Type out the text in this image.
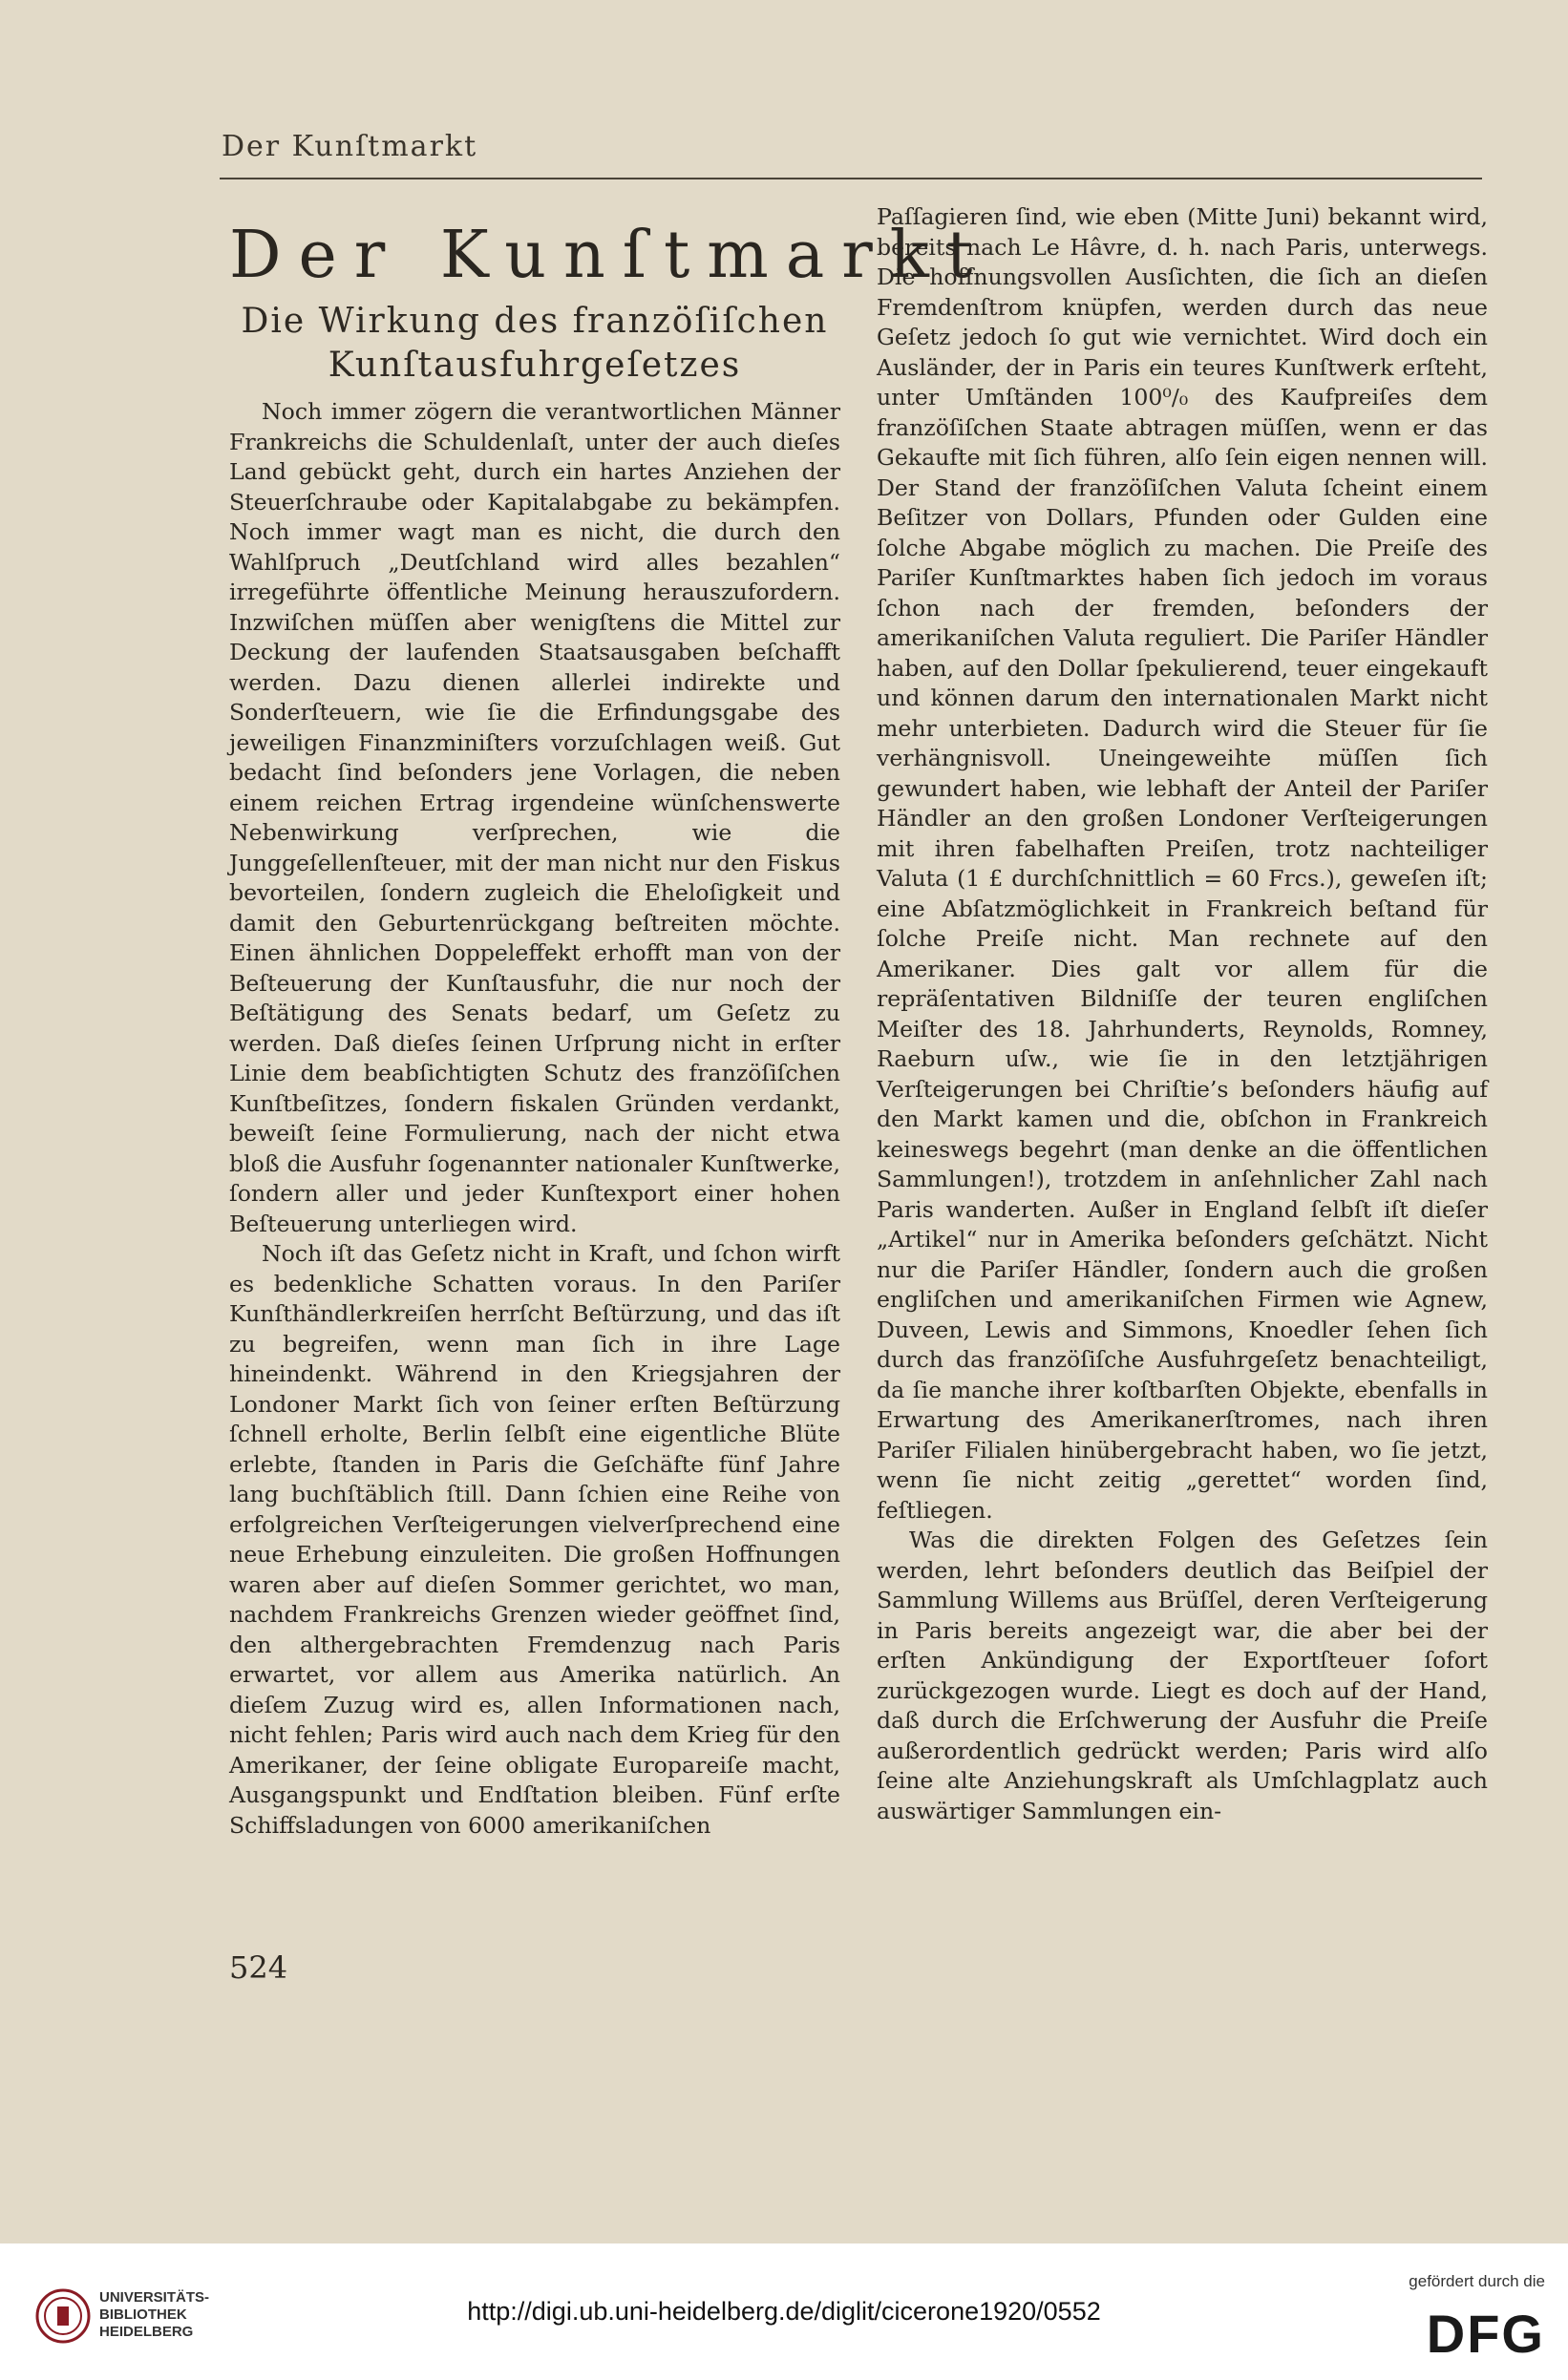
Der Kunſtmarkt
Der Kunſtmarkt
Die Wirkung des franzöſiſchen Kunſtausfuhrgeſetzes

Noch immer zögern die verantwortlichen Männer Frankreichs die Schuldenlaſt, unter der auch dieſes Land gebückt geht, durch ein hartes Anziehen der Steuerſchraube oder Kapitalabgabe zu bekämpfen. Noch immer wagt man es nicht, die durch den Wahlſpruch „Deutſchland wird alles bezahlen“ irregeführte öffentliche Meinung herauszufordern. Inzwiſchen müſſen aber wenigſtens die Mittel zur Deckung der laufenden Staatsausgaben beſchafft werden. Dazu dienen allerlei indirekte und Sonderſteuern, wie ſie die Erfindungsgabe des jeweiligen Finanzminiſters vorzuſchlagen weiß. Gut bedacht ſind beſonders jene Vorlagen, die neben einem reichen Ertrag irgendeine wünſchenswerte Nebenwirkung verſprechen, wie die Junggeſellenſteuer, mit der man nicht nur den Fiskus bevorteilen, ſondern zugleich die Eheloſigkeit und damit den Geburtenrückgang beſtreiten möchte. Einen ähnlichen Doppeleffekt erhofft man von der Beſteuerung der Kunſtausfuhr, die nur noch der Beſtätigung des Senats bedarf, um Geſetz zu werden. Daß dieſes ſeinen Urſprung nicht in erſter Linie dem beabſichtigten Schutz des franzöſiſchen Kunſtbeſitzes, ſondern fiskalen Gründen verdankt, beweiſt ſeine Formulierung, nach der nicht etwa bloß die Ausfuhr ſogenannter nationaler Kunſtwerke, ſondern aller und jeder Kunſtexport einer hohen Beſteuerung unterliegen wird.

Noch iſt das Geſetz nicht in Kraft, und ſchon wirft es bedenkliche Schatten voraus. In den Pariſer Kunſthändlerkreiſen herrſcht Beſtürzung, und das iſt zu begreifen, wenn man ſich in ihre Lage hineindenkt. Während in den Kriegsjahren der Londoner Markt ſich von ſeiner erſten Beſtürzung ſchnell erholte, Berlin ſelbſt eine eigentliche Blüte erlebte, ſtanden in Paris die Geſchäfte fünf Jahre lang buchſtäblich ſtill. Dann ſchien eine Reihe von erfolgreichen Verſteigerungen vielverſprechend eine neue Erhebung einzuleiten. Die großen Hoffnungen waren aber auf dieſen Sommer gerichtet, wo man, nachdem Frankreichs Grenzen wieder geöffnet ſind, den althergebrachten Fremdenzug nach Paris erwartet, vor allem aus Amerika natürlich. An dieſem Zuzug wird es, allen Informationen nach, nicht fehlen; Paris wird auch nach dem Krieg für den Amerikaner, der ſeine obligate Europareiſe macht, Ausgangspunkt und Endſtation bleiben. Fünf erſte Schiffsladungen von 6000 amerikaniſchen

Paſſagieren ſind, wie eben (Mitte Juni) bekannt wird, bereits nach Le Hâvre, d. h. nach Paris, unterwegs. Die hoffnungsvollen Ausſichten, die ſich an dieſen Fremdenſtrom knüpfen, werden durch das neue Geſetz jedoch ſo gut wie vernichtet. Wird doch ein Ausländer, der in Paris ein teures Kunſtwerk erſteht, unter Umſtänden 100⁰/₀ des Kaufpreiſes dem franzöſiſchen Staate abtragen müſſen, wenn er das Gekaufte mit ſich führen, alſo ſein eigen nennen will. Der Stand der franzöſiſchen Valuta ſcheint einem Beſitzer von Dollars, Pfunden oder Gulden eine ſolche Abgabe möglich zu machen. Die Preiſe des Pariſer Kunſtmarktes haben ſich jedoch im voraus ſchon nach der fremden, beſonders der amerikaniſchen Valuta reguliert. Die Pariſer Händler haben, auf den Dollar ſpekulierend, teuer eingekauft und können darum den internationalen Markt nicht mehr unterbieten. Dadurch wird die Steuer für ſie verhängnisvoll. Uneingeweihte müſſen ſich gewundert haben, wie lebhaft der Anteil der Pariſer Händler an den großen Londoner Verſteigerungen mit ihren fabelhaften Preiſen, trotz nachteiliger Valuta (1 £ durchſchnittlich = 60 Frcs.), geweſen iſt; eine Abſatzmöglichkeit in Frankreich beſtand für ſolche Preiſe nicht. Man rechnete auf den Amerikaner. Dies galt vor allem für die repräſentativen Bildniſſe der teuren engliſchen Meiſter des 18. Jahrhunderts, Reynolds, Romney, Raeburn uſw., wie ſie in den letztjährigen Verſteigerungen bei Chriſtie’s beſonders häufig auf den Markt kamen und die, obſchon in Frankreich keineswegs begehrt (man denke an die öffentlichen Sammlungen!), trotzdem in anſehnlicher Zahl nach Paris wanderten. Außer in England ſelbſt iſt dieſer „Artikel“ nur in Amerika beſonders geſchätzt. Nicht nur die Pariſer Händler, ſondern auch die großen engliſchen und amerikaniſchen Firmen wie Agnew, Duveen, Lewis and Simmons, Knoedler ſehen ſich durch das franzöſiſche Ausfuhrgeſetz benachteiligt, da ſie manche ihrer koſtbarſten Objekte, ebenfalls in Erwartung des Amerikanerſtromes, nach ihren Pariſer Filialen hinübergebracht haben, wo ſie jetzt, wenn ſie nicht zeitig „gerettet“ worden ſind, feſtliegen.

Was die direkten Folgen des Geſetzes ſein werden, lehrt beſonders deutlich das Beiſpiel der Sammlung Willems aus Brüſſel, deren Verſteigerung in Paris bereits angezeigt war, die aber bei der erſten Ankündigung der Exportſteuer ſofort zurückgezogen wurde. Liegt es doch auf der Hand, daß durch die Erſchwerung der Ausfuhr die Preiſe außerordentlich gedrückt werden; Paris wird alſo ſeine alte Anziehungskraft als Umſchlagplatz auch auswärtiger Sammlungen ein-

524
UNIVERSITÄTS-
BIBLIOTHEK
HEIDELBERG
http://digi.ub.uni-heidelberg.de/diglit/cicerone1920/0552
gefördert durch die
DFG
